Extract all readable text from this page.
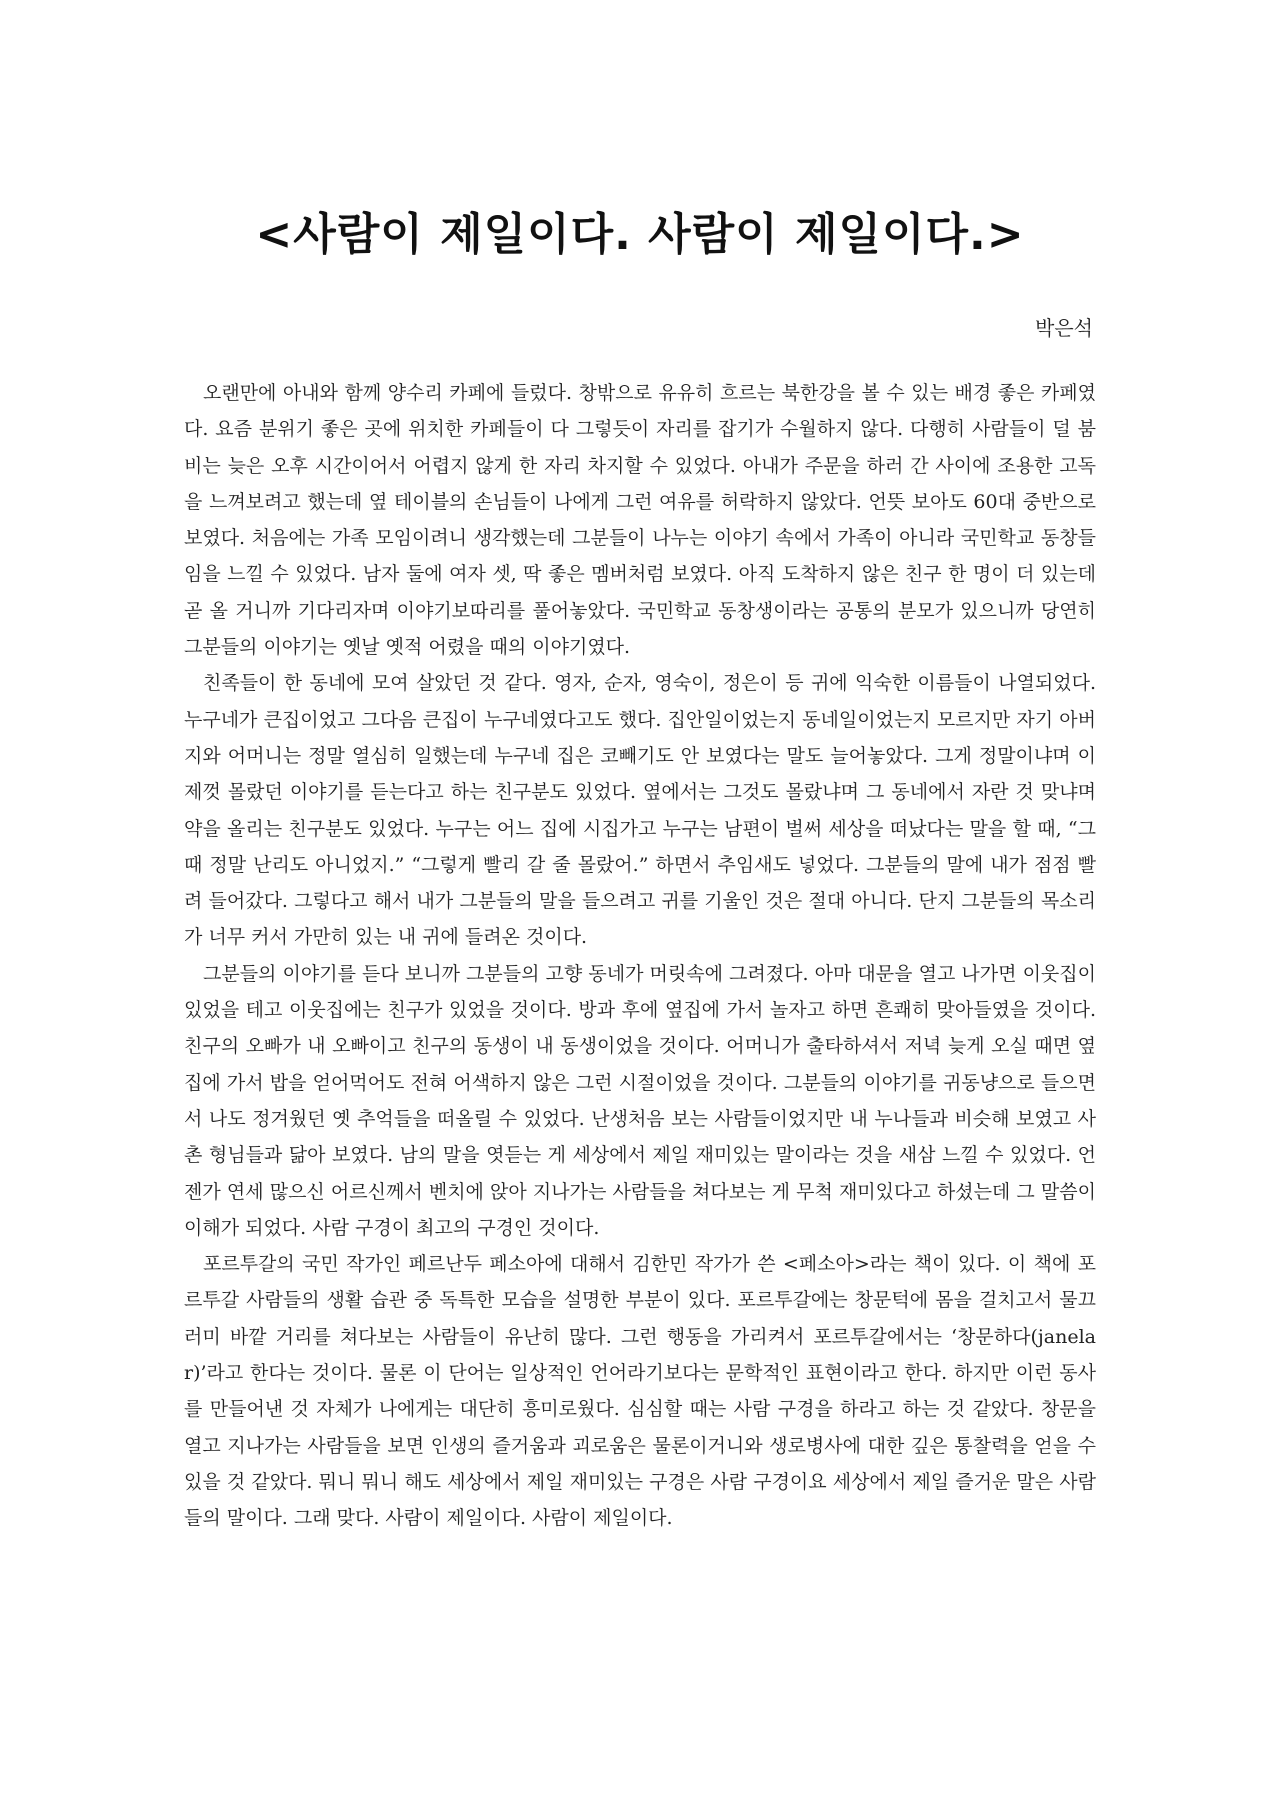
<사람이 제일이다. 사람이 제일이다.>
박은석

오랜만에 아내와 함께 양수리 카페에 들렀다. 창밖으로 유유히 흐르는 북한강을 볼 수 있는 배경 좋은 카페였다. 요즘 분위기 좋은 곳에 위치한 카페들이 다 그렇듯이 자리를 잡기가 수월하지 않다. 다행히 사람들이 덜 붐비는 늦은 오후 시간이어서 어렵지 않게 한 자리 차지할 수 있었다. 아내가 주문을 하러 간 사이에 조용한 고독을 느껴보려고 했는데 옆 테이블의 손님들이 나에게 그런 여유를 허락하지 않았다. 언뜻 보아도 60대 중반으로 보였다. 처음에는 가족 모임이려니 생각했는데 그분들이 나누는 이야기 속에서 가족이 아니라 국민학교 동창들임을 느낄 수 있었다. 남자 둘에 여자 셋, 딱 좋은 멤버처럼 보였다. 아직 도착하지 않은 친구 한 명이 더 있는데 곧 올 거니까 기다리자며 이야기보따리를 풀어놓았다. 국민학교 동창생이라는 공통의 분모가 있으니까 당연히 그분들의 이야기는 옛날 옛적 어렸을 때의 이야기였다.

친족들이 한 동네에 모여 살았던 것 같다. 영자, 순자, 영숙이, 정은이 등 귀에 익숙한 이름들이 나열되었다. 누구네가 큰집이었고 그다음 큰집이 누구네였다고도 했다. 집안일이었는지 동네일이었는지 모르지만 자기 아버지와 어머니는 정말 열심히 일했는데 누구네 집은 코빼기도 안 보였다는 말도 늘어놓았다. 그게 정말이냐며 이제껏 몰랐던 이야기를 듣는다고 하는 친구분도 있었다. 옆에서는 그것도 몰랐냐며 그 동네에서 자란 것 맞냐며 약을 올리는 친구분도 있었다. 누구는 어느 집에 시집가고 누구는 남편이 벌써 세상을 떠났다는 말을 할 때, “그때 정말 난리도 아니었지.” “그렇게 빨리 갈 줄 몰랐어.” 하면서 추임새도 넣었다. 그분들의 말에 내가 점점 빨려 들어갔다. 그렇다고 해서 내가 그분들의 말을 들으려고 귀를 기울인 것은 절대 아니다. 단지 그분들의 목소리가 너무 커서 가만히 있는 내 귀에 들려온 것이다.

그분들의 이야기를 듣다 보니까 그분들의 고향 동네가 머릿속에 그려졌다. 아마 대문을 열고 나가면 이웃집이 있었을 테고 이웃집에는 친구가 있었을 것이다. 방과 후에 옆집에 가서 놀자고 하면 흔쾌히 맞아들였을 것이다. 친구의 오빠가 내 오빠이고 친구의 동생이 내 동생이었을 것이다. 어머니가 출타하셔서 저녁 늦게 오실 때면 옆집에 가서 밥을 얻어먹어도 전혀 어색하지 않은 그런 시절이었을 것이다. 그분들의 이야기를 귀동냥으로 들으면서 나도 정겨웠던 옛 추억들을 떠올릴 수 있었다. 난생처음 보는 사람들이었지만 내 누나들과 비슷해 보였고 사촌 형님들과 닮아 보였다. 남의 말을 엿듣는 게 세상에서 제일 재미있는 말이라는 것을 새삼 느낄 수 있었다. 언젠가 연세 많으신 어르신께서 벤치에 앉아 지나가는 사람들을 쳐다보는 게 무척 재미있다고 하셨는데 그 말씀이 이해가 되었다. 사람 구경이 최고의 구경인 것이다.

포르투갈의 국민 작가인 페르난두 페소아에 대해서 김한민 작가가 쓴 <페소아>라는 책이 있다. 이 책에 포르투갈 사람들의 생활 습관 중 독특한 모습을 설명한 부분이 있다. 포르투갈에는 창문턱에 몸을 걸치고서 물끄러미 바깥 거리를 쳐다보는 사람들이 유난히 많다. 그런 행동을 가리켜서 포르투갈에서는 ‘창문하다(janelar)’라고 한다는 것이다. 물론 이 단어는 일상적인 언어라기보다는 문학적인 표현이라고 한다. 하지만 이런 동사를 만들어낸 것 자체가 나에게는 대단히 흥미로웠다. 심심할 때는 사람 구경을 하라고 하는 것 같았다. 창문을 열고 지나가는 사람들을 보면 인생의 즐거움과 괴로움은 물론이거니와 생로병사에 대한 깊은 통찰력을 얻을 수 있을 것 같았다. 뭐니 뭐니 해도 세상에서 제일 재미있는 구경은 사람 구경이요 세상에서 제일 즐거운 말은 사람들의 말이다. 그래 맞다. 사람이 제일이다. 사람이 제일이다.
